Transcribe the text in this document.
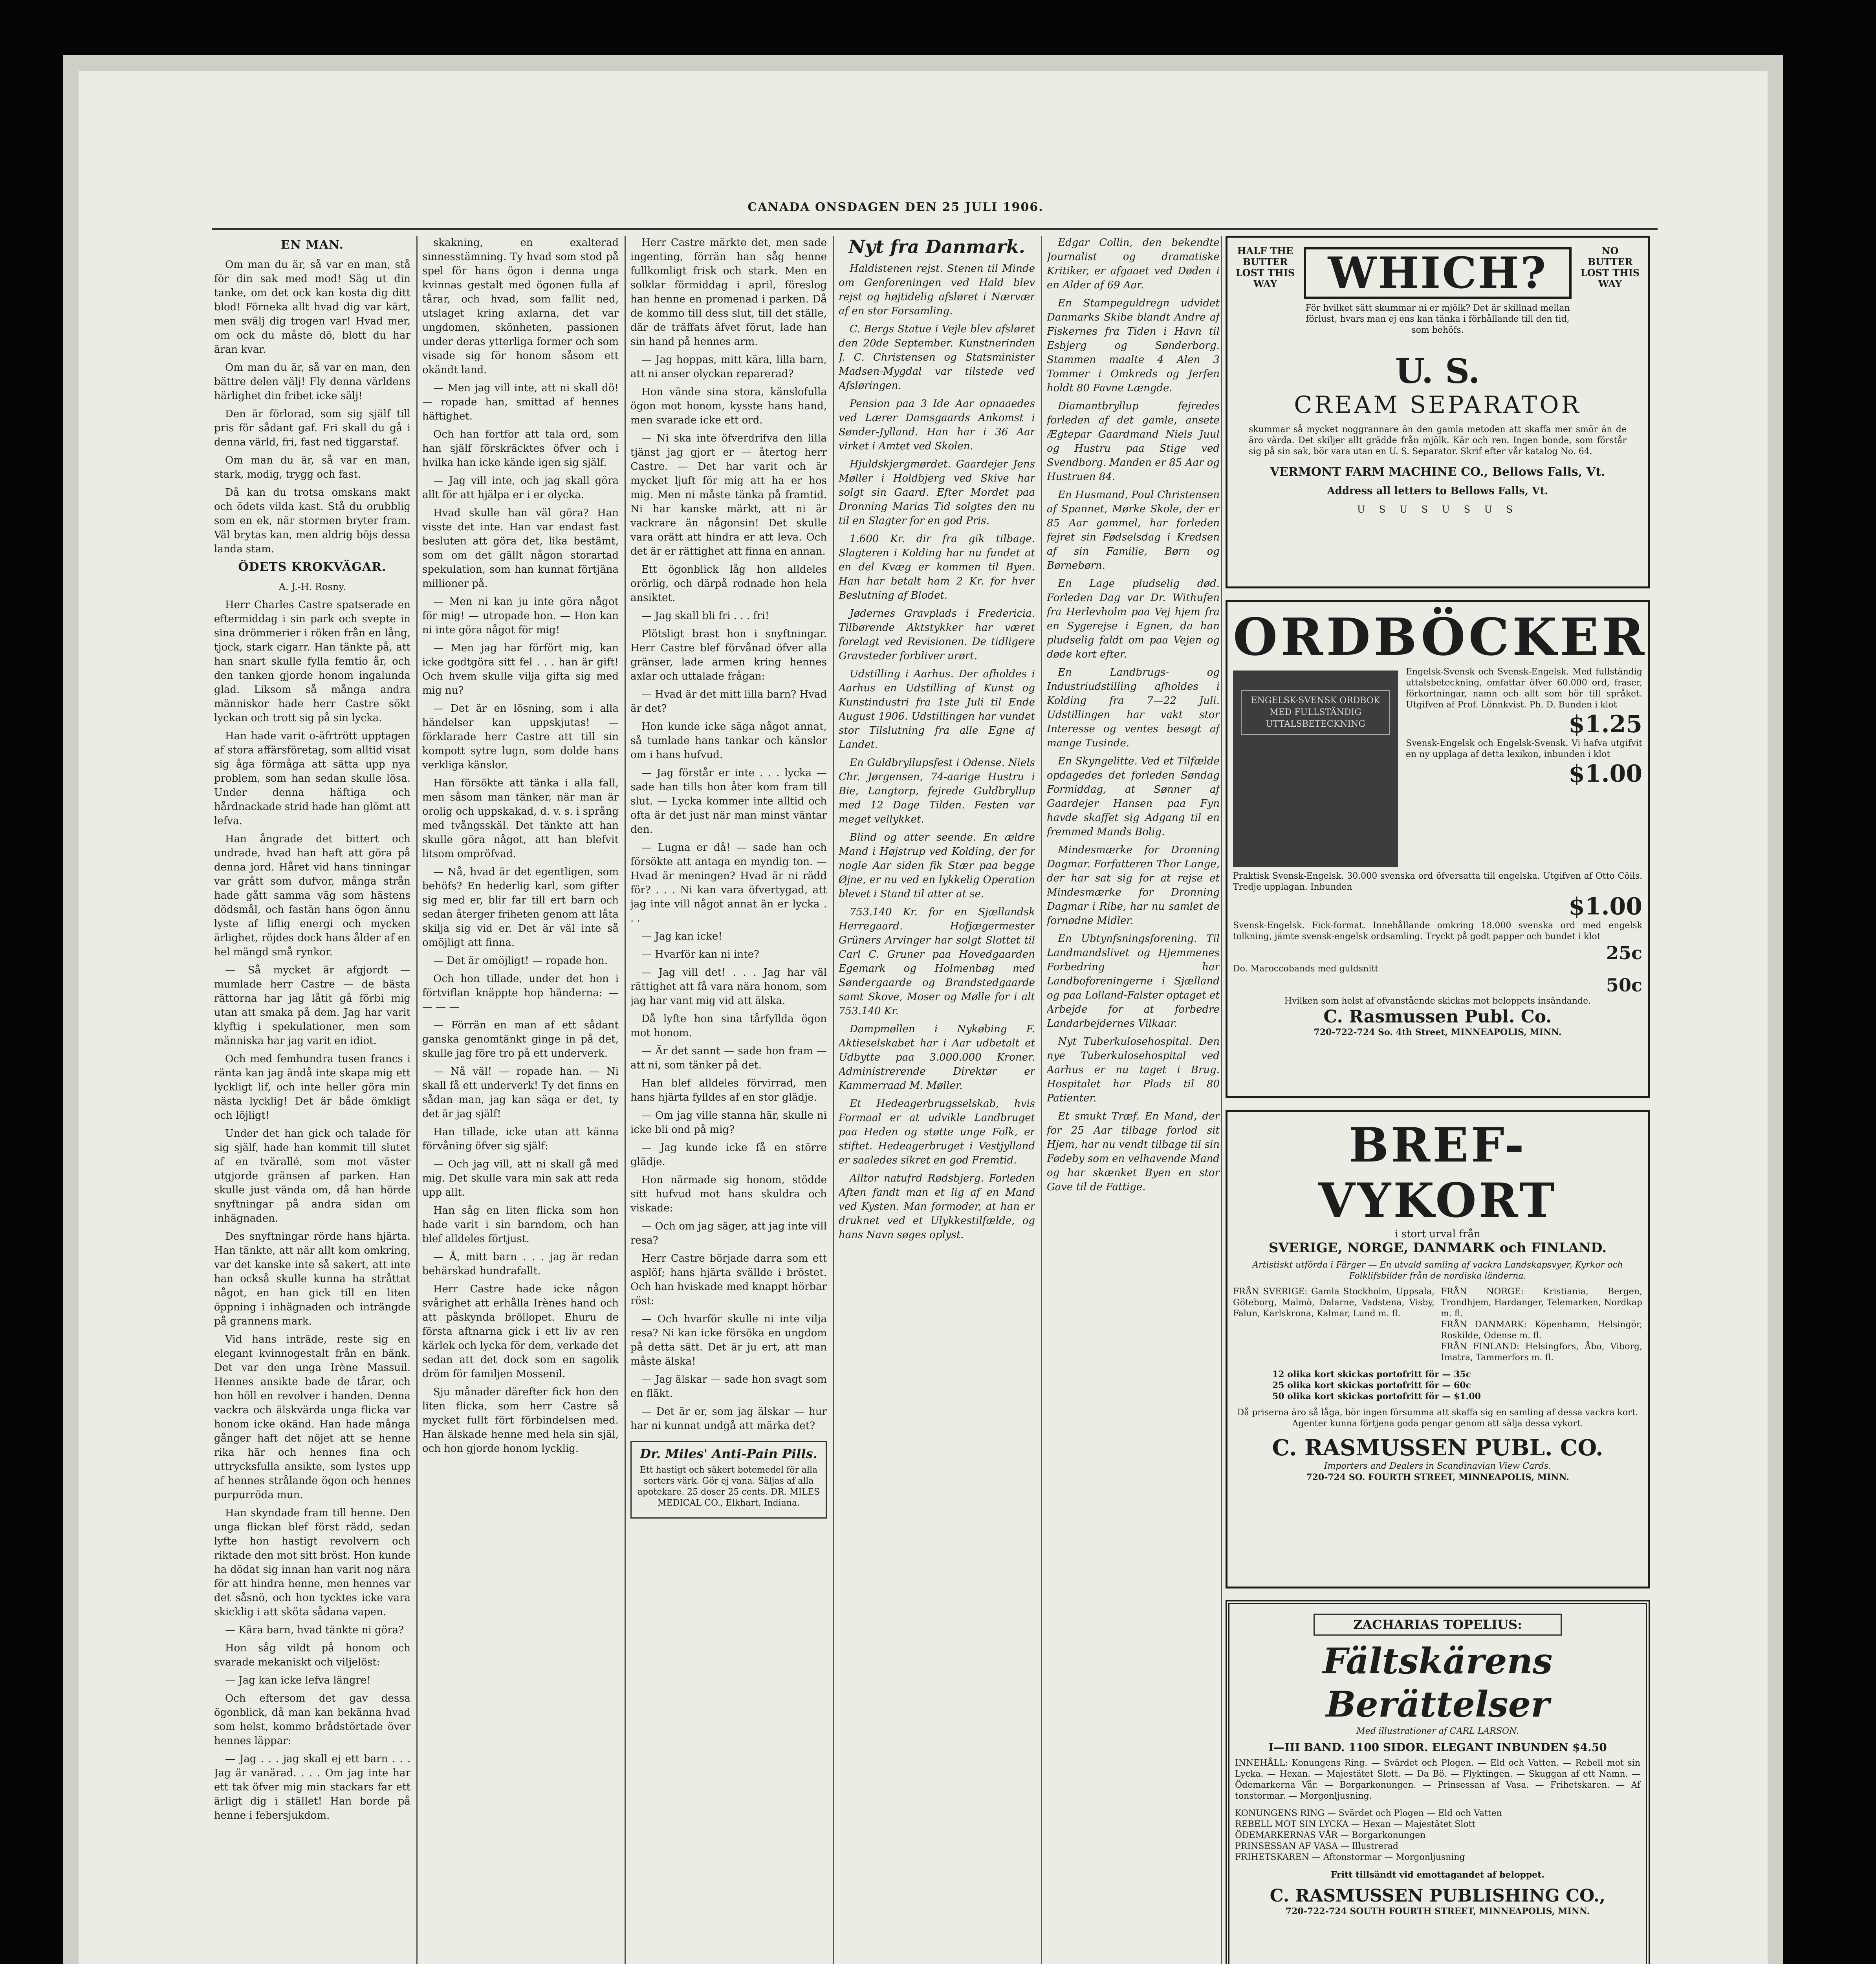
CANADA ONSDAGEN DEN 25 JULI 1906.
EN MAN.

Om man du är, så var en man, stå för din sak med mod! Säg ut din tanke, om det ock kan kosta dig ditt blod! Förneka allt hvad dig var kärt, men svälj dig trogen var! Hvad mer, om ock du måste dö, blott du har äran kvar.

Om man du är, så var en man, den bättre delen välj! Fly denna världens härlighet din fribet icke sälj!

Den är förlorad, som sig själf till pris för sådant gaf. Fri skall du gå i denna värld, fri, fast ned tiggarstaf.

Om man du är, så var en man, stark, modig, trygg och fast.

Då kan du trotsa omskans makt och ödets vilda kast. Stå du orubblig som en ek, när stormen bryter fram. Väl brytas kan, men aldrig böjs dessa landa stam.

ÖDETS KROKVÄGAR.
A. J.-H. Rosny.

Herr Charles Castre spatserade en eftermiddag i sin park och svepte in sina drömmerier i röken från en lång, tjock, stark cigarr. Han tänkte på, att han snart skulle fylla femtio år, och den tanken gjorde honom ingalunda glad. Liksom så många andra människor hade herr Castre sökt lyckan och trott sig på sin lycka.

Han hade varit o-äfrtrött upptagen af stora affärsföretag, som alltid visat sig åga förmåga att sätta upp nya problem, som han sedan skulle lösa. Under denna häftiga och hårdnackade strid hade han glömt att lefva.

Han ångrade det bittert och undrade, hvad han haft att göra på denna jord. Håret vid hans tinningar var grått som dufvor, många strån hade gått samma väg som hästens dödsmål, och fastän hans ögon ännu lyste af liflig energi och mycken ärlighet, röjdes dock hans ålder af en hel mängd små rynkor.

— Så mycket är afgjordt — mumlade herr Castre — de bästa rättorna har jag låtit gå förbi mig utan att smaka på dem. Jag har varit klyftig i spekulationer, men som människa har jag varit en idiot.

Och med femhundra tusen francs i ränta kan jag ändå inte skapa mig ett lyckligt lif, och inte heller göra min nästa lycklig! Det är både ömkligt och löjligt!

Under det han gick och talade för sig själf, hade han kommit till slutet af en tvärallé, som mot väster utgjorde gränsen af parken. Han skulle just vända om, då han hörde snyftningar på andra sidan om inhägnaden.

Des snyftningar rörde hans hjärta. Han tänkte, att när allt kom omkring, var det kanske inte så sakert, att inte han också skulle kunna ha stråttat något, en han gick till en liten öppning i inhägnaden och inträngde på grannens mark.

Vid hans inträde, reste sig en elegant kvinnogestalt från en bänk. Det var den unga Irène Massuil. Hennes ansikte bade de tårar, och hon höll en revolver i handen. Denna vackra och älskvärda unga flicka var honom icke okänd. Han hade många gånger haft det nöjet att se henne rika här och hennes fina och uttrycksfulla ansikte, som lystes upp af hennes strålande ögon och hennes purpurröda mun.

Han skyndade fram till henne. Den unga flickan blef först rädd, sedan lyfte hon hastigt revolvern och riktade den mot sitt bröst. Hon kunde ha dödat sig innan han varit nog nära för att hindra henne, men hennes var det såsnö, och hon tycktes icke vara skicklig i att sköta sådana vapen.

— Kära barn, hvad tänkte ni göra?

Hon såg vildt på honom och svarade mekaniskt och viljelöst:

— Jag kan icke lefva längre!

Och eftersom det gav dessa ögonblick, då man kan bekänna hvad som helst, kommo brådstörtade över hennes läppar:

— Jag . . . jag skall ej ett barn . . . Jag är vanärad. . . . Om jag inte har ett tak öfver mig min stackars far ett ärligt dig i stället! Han borde på henne i febersjukdom.

skakning, en exalterad sinnesstämning. Ty hvad som stod på spel för hans ögon i denna unga kvinnas gestalt med ögonen fulla af tårar, och hvad, som fallit ned, utslaget kring axlarna, det var ungdomen, skönheten, passionen under deras ytterliga former och som visade sig för honom såsom ett okändt land.

— Men jag vill inte, att ni skall dö! — ropade han, smittad af hennes häftighet.

Och han fortfor att tala ord, som han själf förskräcktes öfver och i hvilka han icke kände igen sig själf.

— Jag vill inte, och jag skall göra allt för att hjälpa er i er olycka.

Hvad skulle han väl göra? Han visste det inte. Han var endast fast besluten att göra det, lika bestämt, som om det gällt någon storartad spekulation, som han kunnat förtjäna millioner på.

— Men ni kan ju inte göra något för mig! — utropade hon. — Hon kan ni inte göra något för mig!

— Men jag har förfört mig, kan icke godtgöra sitt fel . . . han är gift! Och hvem skulle vilja gifta sig med mig nu?

— Det är en lösning, som i alla händelser kan uppskjutas! — förklarade herr Castre att till sin kompott sytre lugn, som dolde hans verkliga känslor.

Han försökte att tänka i alla fall, men såsom man tänker, när man är orolig och uppskakad, d. v. s. i språng med tvångsskäl. Det tänkte att han skulle göra något, att han blefvit litsom ompröfvad.

— Nå, hvad är det egentligen, som behöfs? En hederlig karl, som gifter sig med er, blir far till ert barn och sedan återger friheten genom att låta skilja sig vid er. Det är väl inte så omöjligt att finna.

— Det är omöjligt! — ropade hon.

Och hon tillade, under det hon i förtviflan knäppte hop händerna: — — — —

— Förrän en man af ett sådant ganska genomtänkt ginge in på det, skulle jag före tro på ett underverk.

— Nå väl! — ropade han. — Ni skall få ett underverk! Ty det finns en sådan man, jag kan säga er det, ty det är jag själf!

Han tillade, icke utan att känna förvåning öfver sig själf:

— Och jag vill, att ni skall gå med mig. Det skulle vara min sak att reda upp allt.

Han såg en liten flicka som hon hade varit i sin barndom, och han blef alldeles förtjust.

— Å, mitt barn . . . jag är redan behärskad hundrafallt.

Herr Castre hade icke någon svårighet att erhålla Irènes hand och att påskynda bröllopet. Ehuru de första aftnarna gick i ett liv av ren kärlek och lycka för dem, verkade det sedan att det dock som en sagolik dröm för familjen Mossenil.

Sju månader därefter fick hon den liten flicka, som herr Castre så mycket fullt fört förbindelsen med. Han älskade henne med hela sin själ, och hon gjorde honom lycklig.

Herr Castre märkte det, men sade ingenting, förrän han såg henne fullkomligt frisk och stark. Men en solklar förmiddag i april, föreslog han henne en promenad i parken. Då de kommo till dess slut, till det ställe, där de träffats äfvet förut, lade han sin hand på hennes arm.

— Jag hoppas, mitt kära, lilla barn, att ni anser olyckan reparerad?

Hon vände sina stora, känslofulla ögon mot honom, kysste hans hand, men svarade icke ett ord.

— Ni ska inte öfverdrifva den lilla tjänst jag gjort er — återtog herr Castre. — Det har varit och är mycket ljuft för mig att ha er hos mig. Men ni måste tänka på framtid. Ni har kanske märkt, att ni är vackrare än någonsin! Det skulle vara orätt att hindra er att leva. Och det är er rättighet att finna en annan.

Ett ögonblick låg hon alldeles orörlig, och därpå rodnade hon hela ansiktet.

— Jag skall bli fri . . . fri!

Plötsligt brast hon i snyftningar. Herr Castre blef förvånad öfver alla gränser, lade armen kring hennes axlar och uttalade frågan:

— Hvad är det mitt lilla barn? Hvad är det?

Hon kunde icke säga något annat, så tumlade hans tankar och känslor om i hans hufvud.

— Jag förstår er inte . . . lycka — sade han tills hon åter kom fram till slut. — Lycka kommer inte alltid och ofta är det just när man minst väntar den.

— Lugna er då! — sade han och försökte att antaga en myndig ton. — Hvad är meningen? Hvad är ni rädd för? . . . Ni kan vara öfvertygad, att jag inte vill något annat än er lycka . . .

— Jag kan icke!

— Hvarför kan ni inte?

— Jag vill det! . . . Jag har väl rättighet att få vara nära honom, som jag har vant mig vid att älska.

Då lyfte hon sina tårfyllda ögon mot honom.

— Är det sannt — sade hon fram — att ni, som tänker på det.

Han blef alldeles förvirrad, men hans hjärta fylldes af en stor glädje.

— Om jag ville stanna här, skulle ni icke bli ond på mig?

— Jag kunde icke få en större glädje.

Hon närmade sig honom, stödde sitt hufvud mot hans skuldra och viskade:

— Och om jag säger, att jag inte vill resa?

Herr Castre började darra som ett asplöf; hans hjärta svällde i bröstet. Och han hviskade med knappt hörbar röst:

— Och hvarför skulle ni inte vilja resa? Ni kan icke försöka en ungdom på detta sätt. Det är ju ert, att man måste älska!

— Jag älskar — sade hon svagt som en fläkt.

— Det är er, som jag älskar — hur har ni kunnat undgå att märka det?

Dr. Miles' Anti-Pain Pills.

Ett hastigt och säkert botemedel för alla sorters värk. Gör ej vana. Säljas af alla apotekare. 25 doser 25 cents. DR. MILES MEDICAL CO., Elkhart, Indiana.

Nyt fra Danmark.

Haldistenen rejst. Stenen til Minde om Genforeningen ved Hald blev rejst og højtidelig afsløret i Nærvær af en stor Forsamling.

C. Bergs Statue i Vejle blev afsløret den 20de September. Kunstnerinden J. C. Christensen og Statsminister Madsen-Mygdal var tilstede ved Afsløringen.

Pension paa 3 Ide Aar opnaaedes ved Lærer Damsgaards Ankomst i Sønder-Jylland. Han har i 36 Aar virket i Amtet ved Skolen.

Hjuldskjergmørdet. Gaardejer Jens Møller i Holdbjerg ved Skive har solgt sin Gaard. Efter Mordet paa Dronning Marias Tid solgtes den nu til en Slagter for en god Pris.

1.600 Kr. dir fra gik tilbage. Slagteren i Kolding har nu fundet at en del Kvæg er kommen til Byen. Han har betalt ham 2 Kr. for hver Beslutning af Blodet.

Jødernes Gravplads i Fredericia. Tilbørende Aktstykker har været forelagt ved Revisionen. De tidligere Gravsteder forbliver urørt.

Udstilling i Aarhus. Der afholdes i Aarhus en Udstilling af Kunst og Kunstindustri fra 1ste Juli til Ende August 1906. Udstillingen har vundet stor Tilslutning fra alle Egne af Landet.

En Guldbryllupsfest i Odense. Niels Chr. Jørgensen, 74-aarige Hustru i Bie, Langtorp, fejrede Guldbryllup med 12 Dage Tilden. Festen var meget vellykket.

Blind og atter seende. En ældre Mand i Højstrup ved Kolding, der for nogle Aar siden fik Stær paa begge Øjne, er nu ved en lykkelig Operation blevet i Stand til atter at se.

753.140 Kr. for en Sjællandsk Herregaard. Hofjægermester Grüners Arvinger har solgt Slottet til Carl C. Gruner paa Hovedgaarden Egemark og Holmenbøg med Søndergaarde og Brandstedgaarde samt Skove, Moser og Mølle for i alt 753.140 Kr.

Dampmøllen i Nykøbing F. Aktieselskabet har i Aar udbetalt et Udbytte paa 3.000.000 Kroner. Administrerende Direktør er Kammerraad M. Møller.

Et Hedeagerbrugsselskab, hvis Formaal er at udvikle Landbruget paa Heden og støtte unge Folk, er stiftet. Hedeagerbruget i Vestjylland er saaledes sikret en god Fremtid.

Alltor natufrd Rødsbjerg. Forleden Aften fandt man et lig af en Mand ved Kysten. Man formoder, at han er druknet ved et Ulykkestilfælde, og hans Navn søges oplyst.

Edgar Collin, den bekendte Journalist og dramatiske Kritiker, er afgaaet ved Døden i en Alder af 69 Aar.

En Stampeguldregn udvidet Danmarks Skibe blandt Andre af Fiskernes fra Tiden i Havn til Esbjerg og Sønderborg. Stammen maalte 4 Alen 3 Tommer i Omkreds og Jerfen holdt 80 Favne Længde.

Diamantbryllup fejredes forleden af det gamle, ansete Ægtepar Gaardmand Niels Juul og Hustru paa Stige ved Svendborg. Manden er 85 Aar og Hustruen 84.

En Husmand, Poul Christensen af Spannet, Mørke Skole, der er 85 Aar gammel, har forleden fejret sin Fødselsdag i Kredsen af sin Familie, Børn og Børnebørn.

En Lage pludselig død. Forleden Dag var Dr. Withufen fra Herlevholm paa Vej hjem fra en Sygerejse i Egnen, da han pludselig faldt om paa Vejen og døde kort efter.

En Landbrugs- og Industriudstilling afholdes i Kolding fra 7—22 Juli. Udstillingen har vakt stor Interesse og ventes besøgt af mange Tusinde.

En Skyngelitte. Ved et Tilfælde opdagedes det forleden Søndag Formiddag, at Sønner af Gaardejer Hansen paa Fyn havde skaffet sig Adgang til en fremmed Mands Bolig.

Mindesmærke for Dronning Dagmar. Forfatteren Thor Lange, der har sat sig for at rejse et Mindesmærke for Dronning Dagmar i Ribe, har nu samlet de fornødne Midler.

En Ubtynfsningsforening. Til Landmandslivet og Hjemmenes Forbedring har Landboforeningerne i Sjælland og paa Lolland-Falster optaget et Arbejde for at forbedre Landarbejdernes Vilkaar.

Nyt Tuberkulosehospital. Den nye Tuberkulosehospital ved Aarhus er nu taget i Brug. Hospitalet har Plads til 80 Patienter.

Et smukt Træf. En Mand, der for 25 Aar tilbage forlod sit Hjem, har nu vendt tilbage til sin Fødeby som en velhavende Mand og har skænket Byen en stor Gave til de Fattige.

HALF THE BUTTER LOST THIS WAY
NO BUTTER LOST THIS WAY
WHICH?
För hvilket sätt skummar ni er mjölk? Det är skillnad mellan förlust, hvars man ej ens kan tänka i förhållande till den tid, som behöfs.
U. S.
CREAM SEPARATOR
skummar så mycket noggrannare än den gamla metoden att skaffa mer smör än de äro värda. Det skiljer allt grädde från mjölk. Kär och ren. Ingen bonde, som förstår sig på sin sak, bör vara utan en U. S. Separator. Skrif efter vår katalog No. 64.
VERMONT FARM MACHINE CO., Bellows Falls, Vt.
Address all letters to Bellows Falls, Vt.
U S U S U S U S
ORDBÖCKER
ENGELSK-SVENSK ORDBOK MED FULLSTÄNDIG UTTALSBETECKNING
Engelsk-Svensk och Svensk-Engelsk. Med fullständig uttalsbeteckning, omfattar öfver 60.000 ord, fraser, förkortningar, namn och allt som hör till språket. Utgifven af Prof. Lönnkvist. Ph. D. Bunden i klot
$1.25
Svensk-Engelsk och Engelsk-Svensk. Vi hafva utgifvit en ny upplaga af detta lexikon, inbunden i klot
$1.00
Praktisk Svensk-Engelsk. 30.000 svenska ord öfversatta till engelska. Utgifven af Otto Cöils. Tredje upplagan. Inbunden
$1.00
Svensk-Engelsk. Fick-format. Innehållande omkring 18.000 svenska ord med engelsk tolkning, jämte svensk-engelsk ordsamling. Tryckt på godt papper och bundet i klot
25c
Do. Maroccobands med guldsnitt
50c
Hvilken som helst af ofvanstående skickas mot beloppets insändande.
C. Rasmussen Publ. Co.
720-722-724 So. 4th Street, MINNEAPOLIS, MINN.
BREF-VYKORT
i stort urval från
SVERIGE, NORGE, DANMARK och FINLAND.
Artistiskt utförda i Färger — En utvald samling af vackra Landskapsvyer, Kyrkor och Folklifsbilder från de nordiska länderna.
FRÅN SVERIGE: Gamla Stockholm, Uppsala, Göteborg, Malmö, Dalarne, Vadstena, Visby, Falun, Karlskrona, Kalmar, Lund m. fl.
FRÅN NORGE: Kristiania, Bergen, Trondhjem, Hardanger, Telemarken, Nordkap m. fl.
FRÅN DANMARK: Köpenhamn, Helsingör, Roskilde, Odense m. fl.
FRÅN FINLAND: Helsingfors, Åbo, Viborg, Imatra, Tammerfors m. fl.
12 olika kort skickas portofritt för — 35c
25 olika kort skickas portofritt för — 60c
50 olika kort skickas portofritt för — $1.00
Då priserna äro så låga, bör ingen försumma att skaffa sig en samling af dessa vackra kort. Agenter kunna förtjena goda pengar genom att sälja dessa vykort.
C. RASMUSSEN PUBL. CO.
Importers and Dealers in Scandinavian View Cards.
720-724 SO. FOURTH STREET, MINNEAPOLIS, MINN.
ZACHARIAS TOPELIUS:
Fältskärens Berättelser
Med illustrationer af CARL LARSON.
I—III BAND. 1100 SIDOR. ELEGANT INBUNDEN $4.50
INNEHÅLL: Konungens Ring. — Svärdet och Plogen. — Eld och Vatten. — Rebell mot sin Lycka. — Hexan. — Majestätet Slott. — Da Bö. — Flyktingen. — Skuggan af ett Namn. — Ödemarkerna Vår. — Borgarkonungen. — Prinsessan af Vasa. — Frihetskaren. — Af tonstormar. — Morgonljusning.
KONUNGENS RING — Svärdet och Plogen — Eld och Vatten
REBELL MOT SIN LYCKA — Hexan — Majestätet Slott
ÖDEMARKERNAS VÅR — Borgarkonungen
PRINSESSAN AF VASA — Illustrerad
FRIHETSKAREN — Aftonstormar — Morgonljusning
Fritt tillsändt vid emottagandet af beloppet.
C. RASMUSSEN PUBLISHING CO.,
720-722-724 SOUTH FOURTH STREET, MINNEAPOLIS, MINN.
